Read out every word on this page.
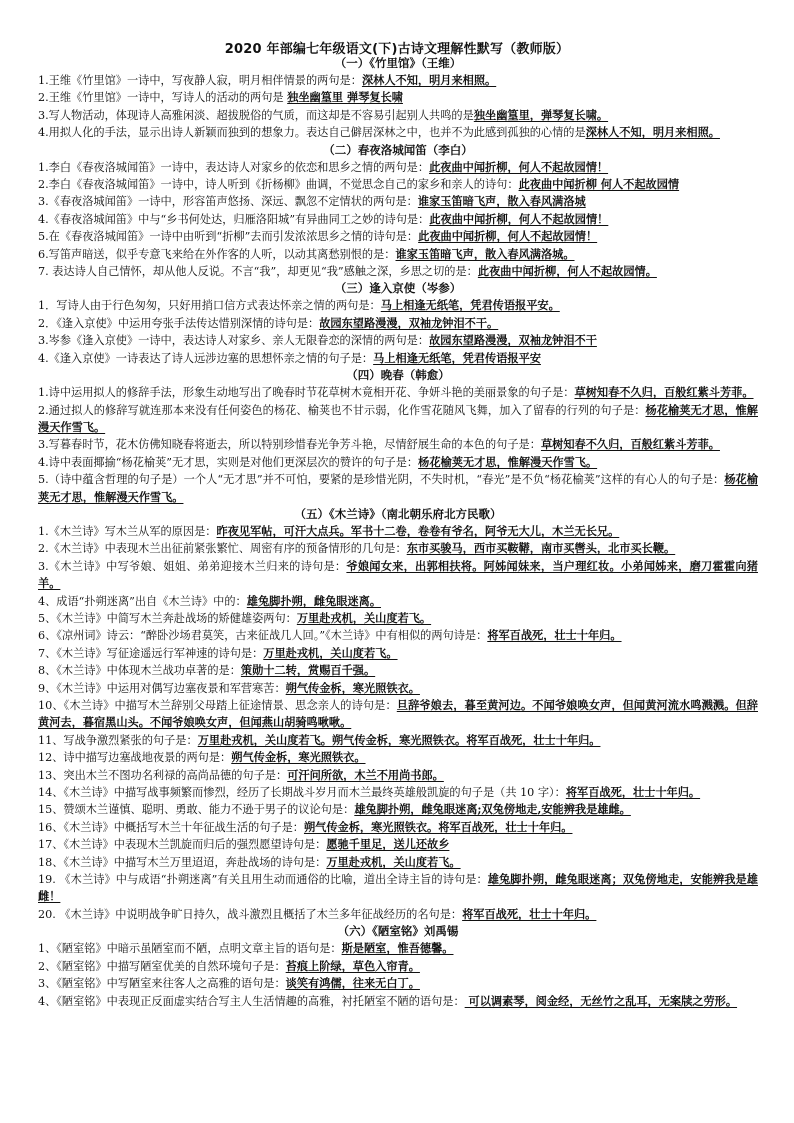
2020 年部编七年级语文(下)古诗文理解性默写（教师版）
（一）《竹里馆》（王维）

1.王维《竹里馆》一诗中，写夜静人寂，明月相伴情景的两句是：深林人不知，明月来相照。

2.王维《竹里馆》一诗中，写诗人的活动的两句是 独坐幽篁里 弹琴复长啸

3.写人物活动，体现诗人高雅闲淡、超拔脱俗的气质，而这却是不容易引起别人共鸣的是独坐幽篁里，弹琴复长啸。

4.用拟人化的手法，显示出诗人新颖而独到的想象力。表达自己僻居深林之中，也并不为此感到孤独的心情的是深林人不知，明月来相照。

（二）春夜洛城闻笛（李白）

1.李白《春夜洛城闻笛》一诗中，表达诗人对家乡的依恋和思乡之情的两句是：此夜曲中闻折柳，何人不起故园情！

2.李白《春夜洛城闻笛》一诗中，诗人听到《折杨柳》曲调，不觉思念自己的家乡和亲人的诗句：此夜曲中闻折柳 何人不起故园情

3.《春夜洛城闻笛》一诗中，形容笛声悠扬、深远、飘忽不定情状的两句是：谁家玉笛暗飞声，散入春风满洛城

4.《春夜洛城闻笛》中与“乡书何处达，归雁洛阳城”有异曲同工之妙的诗句是：此夜曲中闻折柳，何人不起故园情！

5.在《春夜洛城闻笛》一诗中由听到“折柳”去而引发浓浓思乡之情的诗句是：此夜曲中闻折柳，何人不起故园情！

6.写笛声暗送，似乎专意飞来给在外作客的人听，以动其离愁别恨的是：谁家玉笛暗飞声，散入春风满洛城。

7. 表达诗人自己情怀，却从他人反说。不言“我”，却更见“我”感触之深，乡思之切的是：此夜曲中闻折柳，何人不起故园情。

（三）逢入京使（岑参）

1．写诗人由于行色匆匆，只好用捎口信方式表达怀亲之情的两句是：马上相逢无纸笔，凭君传语报平安。

2．《逢入京使》中运用夸张手法传达惜别深情的诗句是：故园东望路漫漫，双袖龙钟泪不干。

3.岑参《逢入京使》一诗中，表达诗人对家乡、亲人无限眷恋的深情的两句是：故园东望路漫漫，双袖龙钟泪不干

4.《逢入京使》一诗表达了诗人远涉边塞的思想怀亲之情的句子是：马上相逢无纸笔，凭君传语报平安

（四）晚春（韩愈）

1.诗中运用拟人的修辞手法，形象生动地写出了晚春时节花草树木竟相开花、争妍斗艳的美丽景象的句子是：草树知春不久归，百般红紫斗芳菲。

2.通过拟人的修辞写就连那本来没有任何姿色的杨花、榆荚也不甘示弱，化作雪花随风飞舞，加入了留春的行列的句子是：杨花榆荚无才思，惟解漫天作雪飞。

3.写暮春时节，花木仿佛知晓春将逝去，所以特别珍惜春光争芳斗艳，尽情舒展生命的本色的句子是：草树知春不久归，百般红紫斗芳菲。

4.诗中表面揶揄“杨花榆荚”无才思，实则是对他们更深层次的赞许的句子是：杨花榆荚无才思，惟解漫天作雪飞。

5.（诗中蕴含哲理的句子是）一个人“无才思”并不可怕，要紧的是珍惜光阴，不失时机，“春光”是不负“杨花榆荚”这样的有心人的句子是：杨花榆荚无才思，惟解漫天作雪飞。

（五）《木兰诗》（南北朝乐府北方民歌）

1.《木兰诗》写木兰从军的原因是：昨夜见军帖，可汗大点兵。军书十二卷，卷卷有爷名，阿爷无大儿，木兰无长兄。

2.《木兰诗》中表现木兰出征前紧张繁忙、周密有序的预备情形的几句是：东市买骏马，西市买鞍鞯，南市买辔头，北市买长鞭。

3.《木兰诗》中写爷娘、姐姐、弟弟迎接木兰归来的诗句是：爷娘闻女来，出郭相扶将。阿姊闻妹来，当户理红妆。小弟闻姊来，磨刀霍霍向猪羊。

4、成语“扑朔迷离”出自《木兰诗》中的：雄兔脚扑朔，雌兔眼迷离。

5、《木兰诗》中简写木兰奔赴战场的矫健雄姿两句：万里赴戎机，关山度若飞。

6、《凉州词》诗云：“醉卧沙场君莫笑，古来征战几人回。”《木兰诗》中有相似的两句诗是：将军百战死，壮士十年归。

7、《木兰诗》写征途遥远行军神速的诗句是：万里赴戎机，关山度若飞。

8、《木兰诗》中体现木兰战功卓著的是：策勋十二转，赏赐百千强。

9、《木兰诗》中运用对偶写边塞夜景和军营寒苦：朔气传金柝，寒光照铁衣。

10、《木兰诗》中描写木兰辞别父母踏上征途情景、思念亲人的诗句是：旦辞爷娘去，暮至黄河边。不闻爷娘唤女声，但闻黄河流水鸣溅溅。但辞黄河去，暮宿黑山头。不闻爷娘唤女声，但闻燕山胡骑鸣啾啾。

11、写战争激烈紧张的句子是：万里赴戎机，关山度若飞。朔气传金柝，寒光照铁衣。将军百战死，壮士十年归。

12、诗中描写边塞战地夜景的两句是：朔气传金柝，寒光照铁衣。

13、突出木兰不图功名利禄的高尚品德的句子是：可汗问所欲，木兰不用尚书郎。

14、《木兰诗》中描写战事频繁而惨烈，经历了长期战斗岁月而木兰最终英雄般凯旋的句子是（共 10 字）：将军百战死，壮士十年归。

15、赞颂木兰谨慎、聪明、勇敢、能力不逊于男子的议论句是：雄兔脚扑朔，雌兔眼迷离;双兔傍地走,安能辨我是雄雌。

16、《木兰诗》中概括写木兰十年征战生活的句子是：朔气传金柝，寒光照铁衣。将军百战死，壮士十年归。

17、《木兰诗》中表现木兰凯旋而归后的强烈愿望诗句是：愿驰千里足，送儿还故乡

18、《木兰诗》中描写木兰万里迢迢，奔赴战场的诗句是：万里赴戎机，关山度若飞。

19. 《木兰诗》中与成语“扑朔迷离”有关且用生动而通俗的比喻，道出全诗主旨的诗句是：雄兔脚扑朔，雌兔眼迷离；双兔傍地走，安能辨我是雄雌！

20. 《木兰诗》中说明战争旷日持久，战斗激烈且概括了木兰多年征战经历的名句是：将军百战死，壮士十年归。

（六）《陋室铭》刘禹锡

1、《陋室铭》中暗示虽陋室而不陋，点明文章主旨的语句是：斯是陋室，惟吾德馨。

2、《陋室铭》中描写陋室优美的自然环境句子是：苔痕上阶绿，草色入帘青。

3、《陋室铭》中写陋室来往客人之高雅的语句是：谈笑有鸿儒，往来无白丁。

4、《陋室铭》中表现正反面虚实结合写主人生活情趣的高雅，衬托陋室不陋的语句是： 可以调素琴，阅金经，无丝竹之乱耳，无案牍之劳形。
